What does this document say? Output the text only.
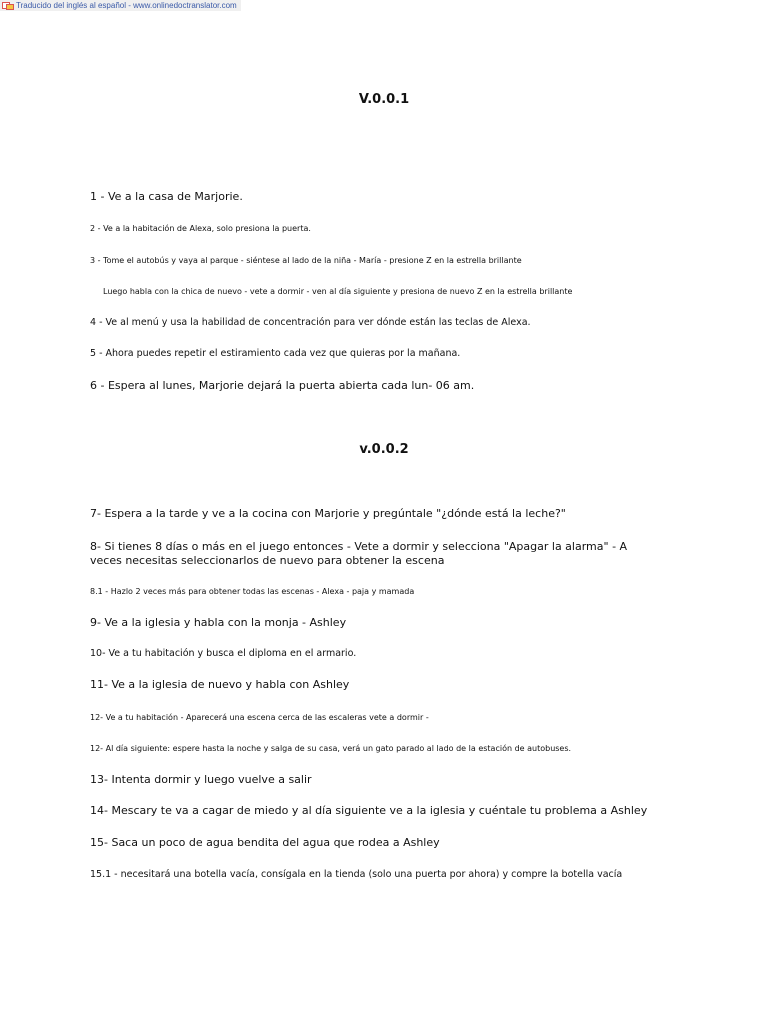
Traducido del inglés al español - www.onlinedoctranslator.com
V.0.0.1
1 - Ve a la casa de Marjorie.
2 - Ve a la habitación de Alexa, solo presiona la puerta.
3 - Tome el autobús y vaya al parque - siéntese al lado de la niña - María - presione Z en la estrella brillante
Luego habla con la chica de nuevo - vete a dormir - ven al día siguiente y presiona de nuevo Z en la estrella brillante
4 - Ve al menú y usa la habilidad de concentración para ver dónde están las teclas de Alexa.
5 - Ahora puedes repetir el estiramiento cada vez que quieras por la mañana.
6 - Espera al lunes, Marjorie dejará la puerta abierta cada lun- 06 am.
v.0.0.2
7- Espera a la tarde y ve a la cocina con Marjorie y pregúntale "¿dónde está la leche?"
8- Si tienes 8 días o más en el juego entonces - Vete a dormir y selecciona "Apagar la alarma" - A veces necesitas seleccionarlos de nuevo para obtener la escena
8.1 - Hazlo 2 veces más para obtener todas las escenas - Alexa - paja y mamada
9- Ve a la iglesia y habla con la monja - Ashley
10- Ve a tu habitación y busca el diploma en el armario.
11- Ve a la iglesia de nuevo y habla con Ashley
12- Ve a tu habitación - Aparecerá una escena cerca de las escaleras vete a dormir -
12- Al día siguiente: espere hasta la noche y salga de su casa, verá un gato parado al lado de la estación de autobuses.
13- Intenta dormir y luego vuelve a salir
14- Mescary te va a cagar de miedo y al día siguiente ve a la iglesia y cuéntale tu problema a Ashley
15- Saca un poco de agua bendita del agua que rodea a Ashley
15.1 - necesitará una botella vacía, consígala en la tienda (solo una puerta por ahora) y compre la botella vacía
